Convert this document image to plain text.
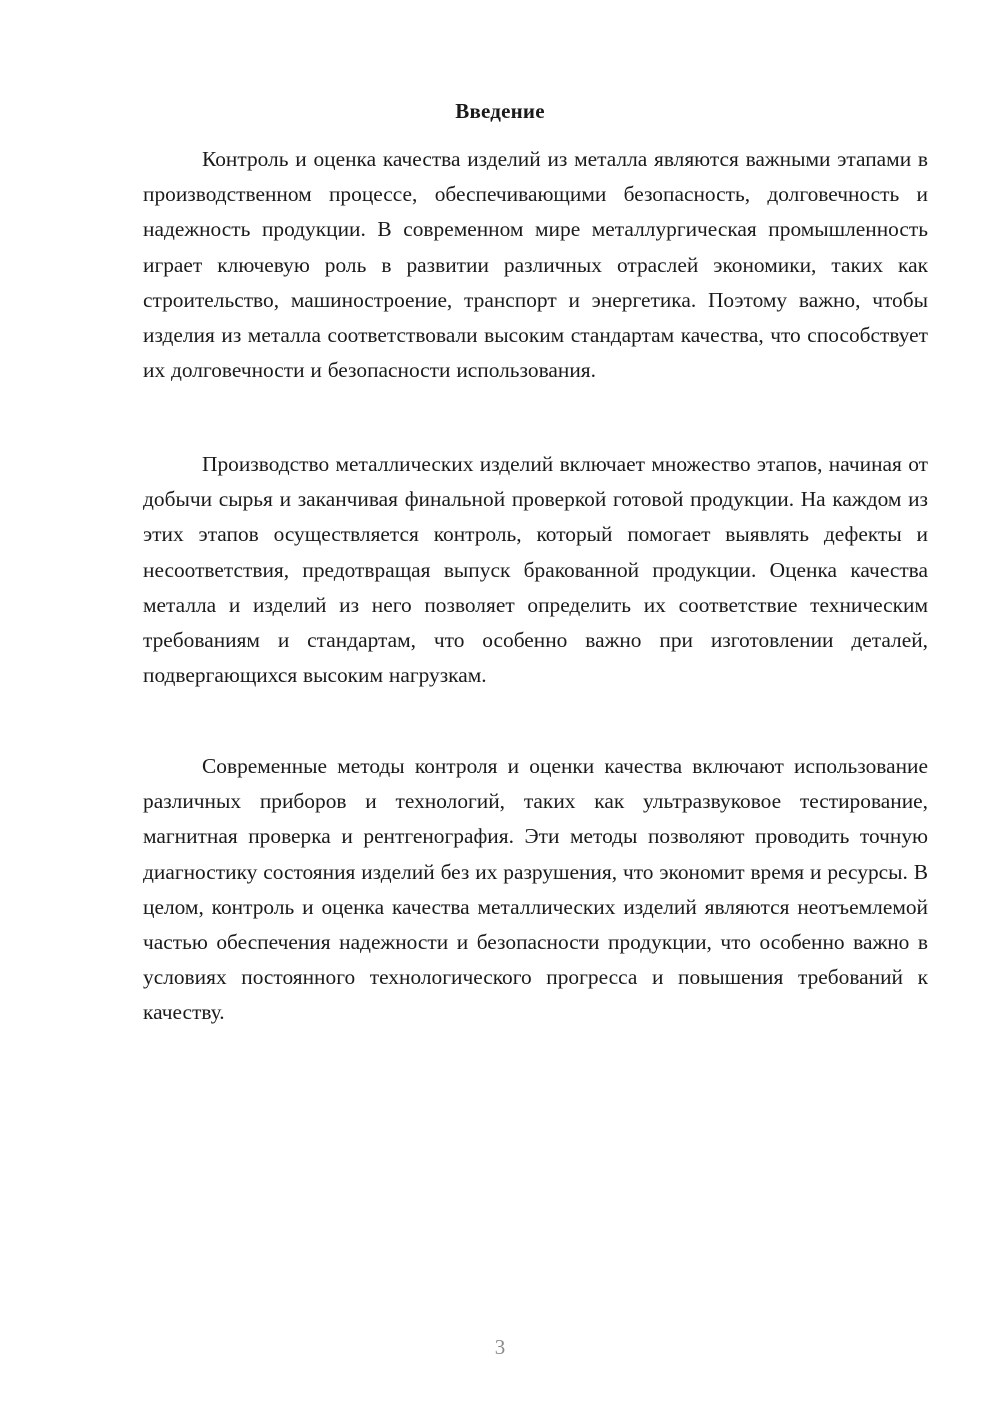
Введение

Контроль и оценка качества изделий из металла являются важными этапами в производственном процессе, обеспечивающими безопасность, долговечность и надежность продукции. В современном мире металлургическая промышленность играет ключевую роль в развитии различных отраслей экономики, таких как строительство, машиностроение, транспорт и энергетика. Поэтому важно, чтобы изделия из металла соответствовали высоким стандартам качества, что способствует их долговечности и безопасности использования.

Производство металлических изделий включает множество этапов, начиная от добычи сырья и заканчивая финальной проверкой готовой продукции. На каждом из этих этапов осуществляется контроль, который помогает выявлять дефекты и несоответствия, предотвращая выпуск бракованной продукции. Оценка качества металла и изделий из него позволяет определить их соответствие техническим требованиям и стандартам, что особенно важно при изготовлении деталей, подвергающихся высоким нагрузкам.

Современные методы контроля и оценки качества включают использование различных приборов и технологий, таких как ультразвуковое тестирование, магнитная проверка и рентгенография. Эти методы позволяют проводить точную диагностику состояния изделий без их разрушения, что экономит время и ресурсы. В целом, контроль и оценка качества металлических изделий являются неотъемлемой частью обеспечения надежности и безопасности продукции, что особенно важно в условиях постоянного технологического прогресса и повышения требований к качеству.

3
